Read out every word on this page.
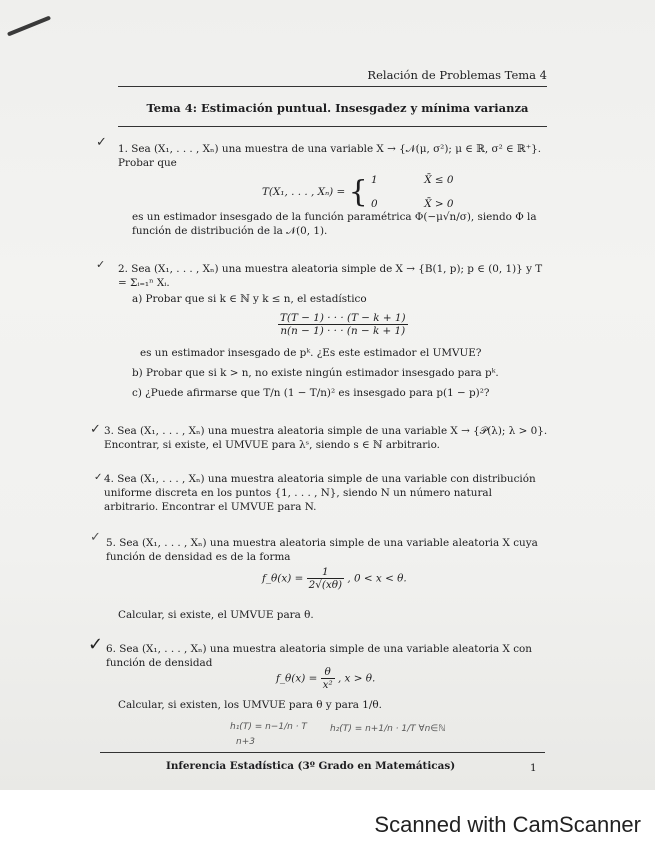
Relación de Problemas Tema 4
Tema 4: Estimación puntual. Insesgadez y mínima varianza
✓ 1. Sea (X₁, . . . , Xₙ) una muestra de una variable X → {𝒩(μ, σ²); μ ∈ ℝ, σ² ∈ ℝ⁺}. Probar que
T(X₁, . . . , Xₙ) = { 1	X̄ ≤ 0
0	X̄ > 0
es un estimador insesgado de la función paramétrica Φ(−μ√n/σ), siendo Φ la función de distribución de la 𝒩(0, 1).
✓ 2. Sea (X₁, . . . , Xₙ) una muestra aleatoria simple de X → {B(1, p); p ∈ (0, 1)} y T = Σᵢ₌₁ⁿ Xᵢ.
a) Probar que si k ∈ ℕ y k ≤ n, el estadístico
$\frac{T(T - 1) \cdot \cdot \cdot (T - k + 1)}{n(n - 1) \cdot \cdot \cdot (n - k + 1)}$
es un estimador insesgado de pᵏ. ¿Es este estimador el UMVUE?
b) Probar que si k > n, no existe ningún estimador insesgado para pᵏ.
c) ¿Puede afirmarse que T/n (1 − T/n)² es insesgado para p(1 − p)²?
✓ 3. Sea (X₁, . . . , Xₙ) una muestra aleatoria simple de una variable X → {𝒫(λ); λ > 0}. Encontrar, si existe, el UMVUE para λˢ, siendo s ∈ ℕ arbitrario.
✓ 4. Sea (X₁, . . . , Xₙ) una muestra aleatoria simple de una variable con distribución uniforme discreta en los puntos {1, . . . , N}, siendo N un número natural arbitrario. Encontrar el UMVUE para N.
✓ 5. Sea (X₁, . . . , Xₙ) una muestra aleatoria simple de una variable aleatoria X cuya función de densidad es de la forma
f_θ(x) = $\frac{1}{2√(x\theta)}$ , 0 < x < θ.
Calcular, si existe, el UMVUE para θ.
✓ 6. Sea (X₁, . . . , Xₙ) una muestra aleatoria simple de una variable aleatoria X con función de densidad
f_θ(x) = $\frac{\theta}{\text{x²}}$ , x > θ.
Calcular, si existen, los UMVUE para θ y para 1/θ.
h₁(T) = n−1/n · T
n+3
h₂(T) = n+1/n · 1/T ∀n∈ℕ
Inferencia Estadística (3º Grado en Matemáticas)	1
Scanned with CamScanner
